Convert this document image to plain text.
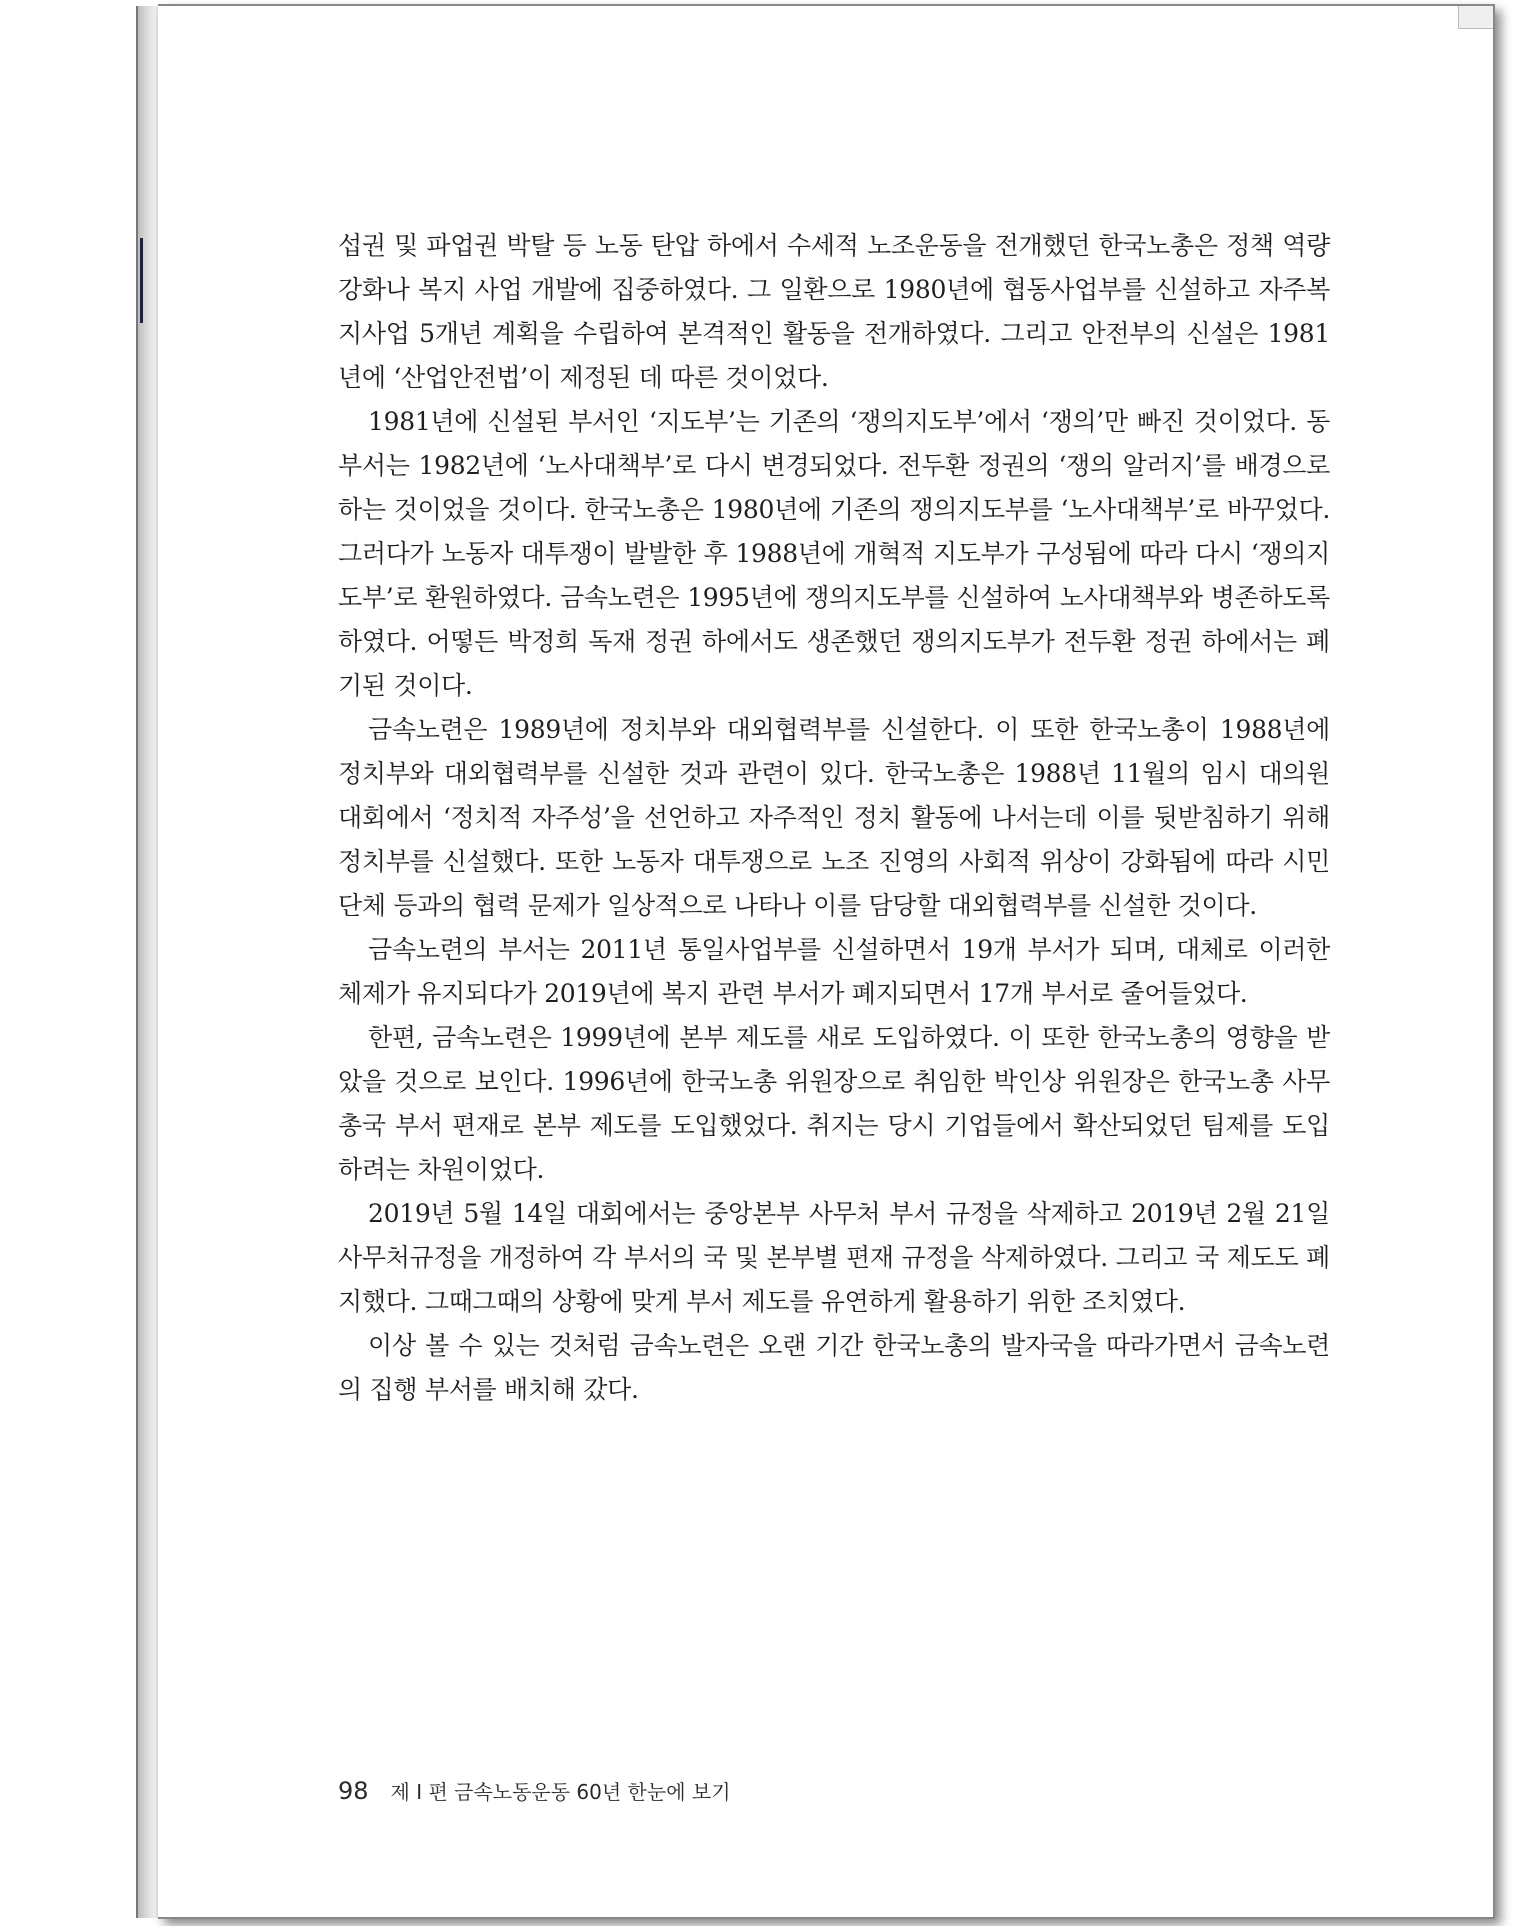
섭권 및 파업권 박탈 등 노동 탄압 하에서 수세적 노조운동을 전개했던 한국노총은 정책 역량 강화나 복지 사업 개발에 집중하였다. 그 일환으로 1980년에 협동사업부를 신설하고 자주복지사업 5개년 계획을 수립하여 본격적인 활동을 전개하였다. 그리고 안전부의 신설은 1981년에 ‘산업안전법’이 제정된 데 따른 것이었다.

1981년에 신설된 부서인 ‘지도부’는 기존의 ‘쟁의지도부’에서 ‘쟁의’만 빠진 것이었다. 동 부서는 1982년에 ‘노사대책부’로 다시 변경되었다. 전두환 정권의 ‘쟁의 알러지’를 배경으로 하는 것이었을 것이다. 한국노총은 1980년에 기존의 쟁의지도부를 ‘노사대책부’로 바꾸었다. 그러다가 노동자 대투쟁이 발발한 후 1988년에 개혁적 지도부가 구성됨에 따라 다시 ‘쟁의지도부’로 환원하였다. 금속노련은 1995년에 쟁의지도부를 신설하여 노사대책부와 병존하도록 하였다. 어떻든 박정희 독재 정권 하에서도 생존했던 쟁의지도부가 전두환 정권 하에서는 폐기된 것이다.

금속노련은 1989년에 정치부와 대외협력부를 신설한다. 이 또한 한국노총이 1988년에 정치부와 대외협력부를 신설한 것과 관련이 있다. 한국노총은 1988년 11월의 임시 대의원 대회에서 ‘정치적 자주성’을 선언하고 자주적인 정치 활동에 나서는데 이를 뒷받침하기 위해 정치부를 신설했다. 또한 노동자 대투쟁으로 노조 진영의 사회적 위상이 강화됨에 따라 시민단체 등과의 협력 문제가 일상적으로 나타나 이를 담당할 대외협력부를 신설한 것이다.

금속노련의 부서는 2011년 통일사업부를 신설하면서 19개 부서가 되며, 대체로 이러한 체제가 유지되다가 2019년에 복지 관련 부서가 폐지되면서 17개 부서로 줄어들었다.

한편, 금속노련은 1999년에 본부 제도를 새로 도입하였다. 이 또한 한국노총의 영향을 받았을 것으로 보인다. 1996년에 한국노총 위원장으로 취임한 박인상 위원장은 한국노총 사무총국 부서 편재로 본부 제도를 도입했었다. 취지는 당시 기업들에서 확산되었던 팀제를 도입하려는 차원이었다.

2019년 5월 14일 대회에서는 중앙본부 사무처 부서 규정을 삭제하고 2019년 2월 21일 사무처규정을 개정하여 각 부서의 국 및 본부별 편재 규정을 삭제하였다. 그리고 국 제도도 폐지했다. 그때그때의 상황에 맞게 부서 제도를 유연하게 활용하기 위한 조치였다.

이상 볼 수 있는 것처럼 금속노련은 오랜 기간 한국노총의 발자국을 따라가면서 금속노련의 집행 부서를 배치해 갔다.

98 제 I 편 금속노동운동 60년 한눈에 보기
